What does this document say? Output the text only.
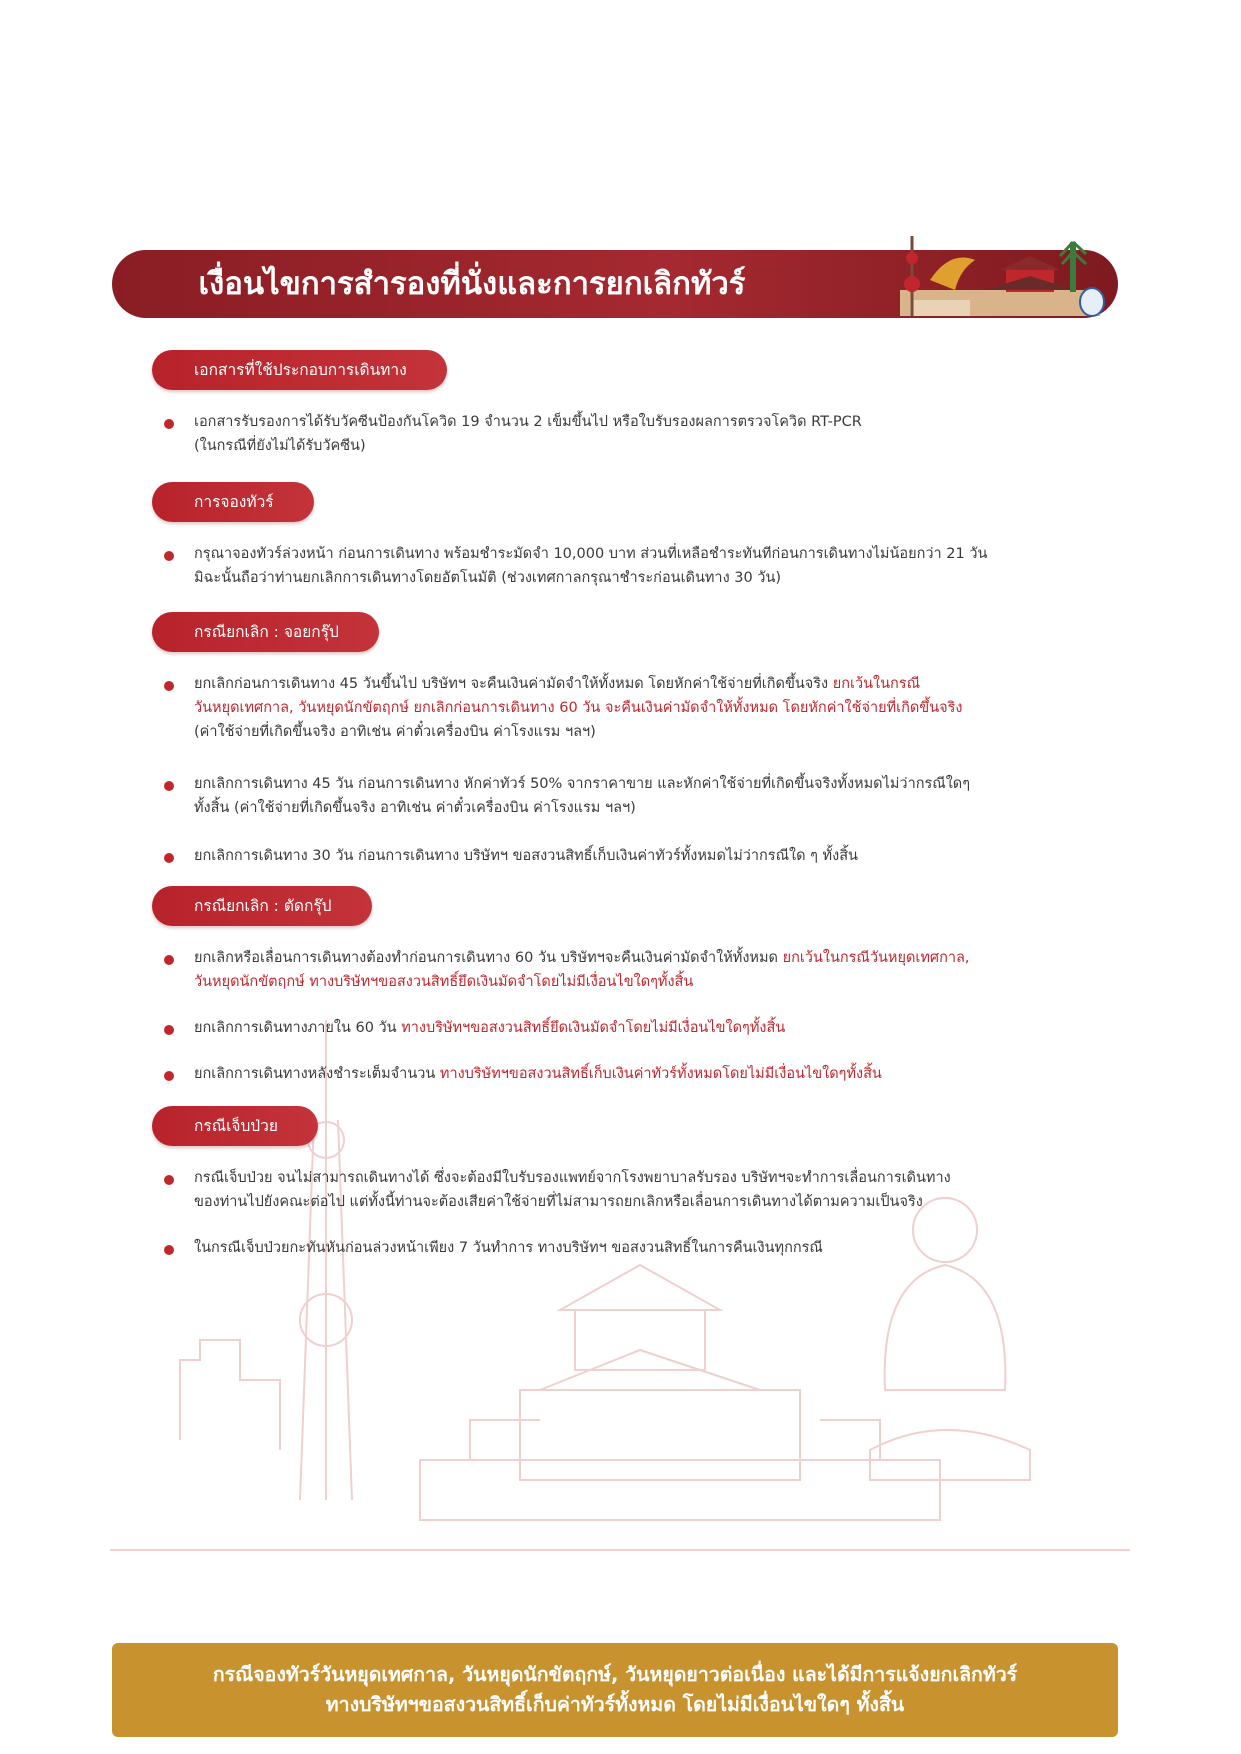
เงื่อนไขการสำรองที่นั่งและการยกเลิกทัวร์
เอกสารที่ใช้ประกอบการเดินทาง
เอกสารรับรองการได้รับวัคซีนป้องกันโควิด 19 จำนวน 2 เข็มขึ้นไป หรือใบรับรองผลการตรวจโควิด RT-PCR
(ในกรณีที่ยังไม่ได้รับวัคซีน)
การจองทัวร์
กรุณาจองทัวร์ล่วงหน้า ก่อนการเดินทาง พร้อมชำระมัดจำ 10,000 บาท ส่วนที่เหลือชำระทันทีก่อนการเดินทางไม่น้อยกว่า 21 วัน
มิฉะนั้นถือว่าท่านยกเลิกการเดินทางโดยอัตโนมัติ (ช่วงเทศกาลกรุณาชำระก่อนเดินทาง 30 วัน)
กรณียกเลิก : จอยกรุ๊ป
ยกเลิกก่อนการเดินทาง 45 วันขึ้นไป บริษัทฯ จะคืนเงินค่ามัดจำให้ทั้งหมด โดยหักค่าใช้จ่ายที่เกิดขึ้นจริง ยกเว้นในกรณี
วันหยุดเทศกาล, วันหยุดนักขัตฤกษ์ ยกเลิกก่อนการเดินทาง 60 วัน จะคืนเงินค่ามัดจำให้ทั้งหมด โดยหักค่าใช้จ่ายที่เกิดขึ้นจริง
(ค่าใช้จ่ายที่เกิดขึ้นจริง อาทิเช่น ค่าตั๋วเครื่องบิน ค่าโรงแรม ฯลฯ)
ยกเลิกการเดินทาง 45 วัน ก่อนการเดินทาง หักค่าทัวร์ 50% จากราคาขาย และหักค่าใช้จ่ายที่เกิดขึ้นจริงทั้งหมดไม่ว่ากรณีใดๆ
ทั้งสิ้น (ค่าใช้จ่ายที่เกิดขึ้นจริง อาทิเช่น ค่าตั๋วเครื่องบิน ค่าโรงแรม ฯลฯ)
ยกเลิกการเดินทาง 30 วัน ก่อนการเดินทาง บริษัทฯ ขอสงวนสิทธิ์เก็บเงินค่าทัวร์ทั้งหมดไม่ว่ากรณีใด ๆ ทั้งสิ้น
กรณียกเลิก : ตัดกรุ๊ป
ยกเลิกหรือเลื่อนการเดินทางต้องทำก่อนการเดินทาง 60 วัน บริษัทฯจะคืนเงินค่ามัดจำให้ทั้งหมด ยกเว้นในกรณีวันหยุดเทศกาล,
วันหยุดนักขัตฤกษ์ ทางบริษัทฯขอสงวนสิทธิ์ยึดเงินมัดจำโดยไม่มีเงื่อนไขใดๆทั้งสิ้น
ยกเลิกการเดินทางภายใน 60 วัน ทางบริษัทฯขอสงวนสิทธิ์ยึดเงินมัดจำโดยไม่มีเงื่อนไขใดๆทั้งสิ้น
ยกเลิกการเดินทางหลังชำระเต็มจำนวน ทางบริษัทฯขอสงวนสิทธิ์เก็บเงินค่าทัวร์ทั้งหมดโดยไม่มีเงื่อนไขใดๆทั้งสิ้น
กรณีเจ็บป่วย
กรณีเจ็บป่วย จนไม่สามารถเดินทางได้ ซึ่งจะต้องมีใบรับรองแพทย์จากโรงพยาบาลรับรอง บริษัทฯจะทำการเลื่อนการเดินทาง
ของท่านไปยังคณะต่อไป แต่ทั้งนี้ท่านจะต้องเสียค่าใช้จ่ายที่ไม่สามารถยกเลิกหรือเลื่อนการเดินทางได้ตามความเป็นจริง
ในกรณีเจ็บป่วยกะทันหันก่อนล่วงหน้าเพียง 7 วันทำการ ทางบริษัทฯ ขอสงวนสิทธิ์ในการคืนเงินทุกกรณี
กรณีจองทัวร์วันหยุดเทศกาล, วันหยุดนักขัตฤกษ์, วันหยุดยาวต่อเนื่อง และได้มีการแจ้งยกเลิกทัวร์
ทางบริษัทฯขอสงวนสิทธิ์เก็บค่าทัวร์ทั้งหมด โดยไม่มีเงื่อนไขใดๆ ทั้งสิ้น
